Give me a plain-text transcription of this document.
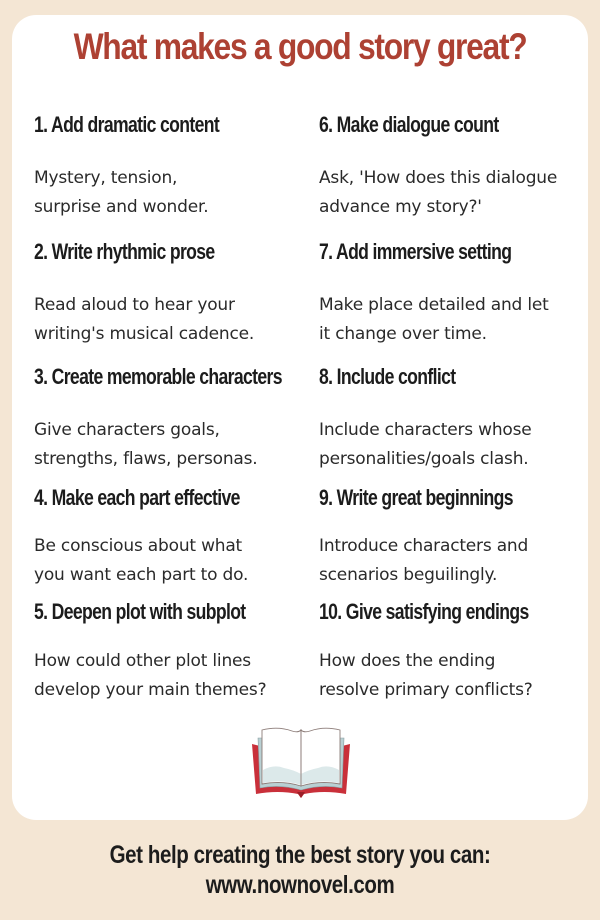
What makes a good story great?
1. Add dramatic content

Mystery, tension,
surprise and wonder.

2. Write rhythmic prose

Read aloud to hear your
writing's musical cadence.

3. Create memorable characters

Give characters goals,
strengths, flaws, personas.

4. Make each part effective

Be conscious about what
you want each part to do.

5. Deepen plot with subplot

How could other plot lines
develop your main themes?

6. Make dialogue count

Ask, 'How does this dialogue
advance my story?'

7. Add immersive setting

Make place detailed and let
it change over time.

8. Include conflict

Include characters whose
personalities/goals clash.

9. Write great beginnings

Introduce characters and
scenarios beguilingly.

10. Give satisfying endings

How does the ending
resolve primary conflicts?

Get help creating the best story you can:
www.nownovel.com
